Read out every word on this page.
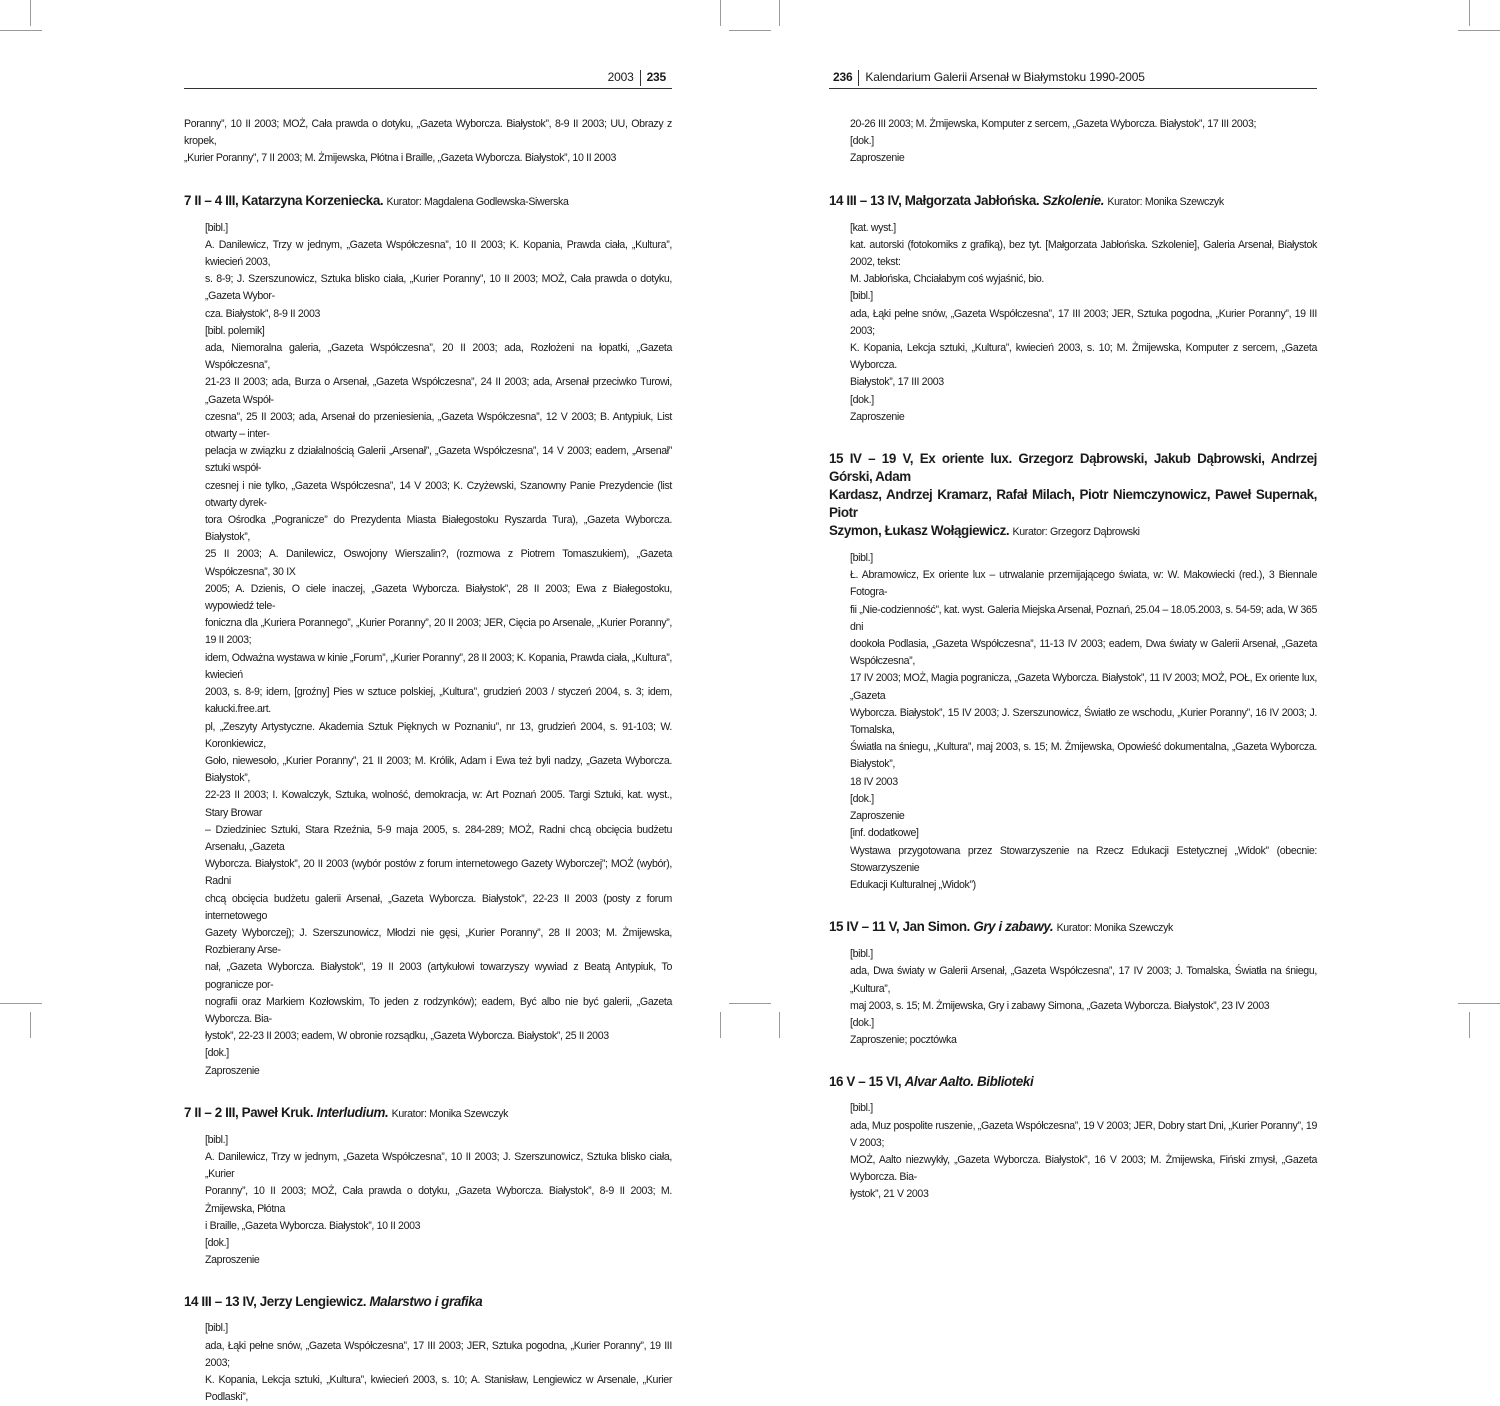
2003 235

Poranny”, 10 II 2003; MOŻ, Cała prawda o dotyku, „Gazeta Wyborcza. Białystok”, 8-9 II 2003; UU, Obrazy z kropek,

„Kurier Poranny”, 7 II 2003; M. Żmijewska, Płótna i Braille, „Gazeta Wyborcza. Białystok”, 10 II 2003

7 II – 4 III, Katarzyna Korzeniecka. Kurator: Magdalena Godlewska-Siwerska

[bibl.]

A. Danilewicz, Trzy w jednym, „Gazeta Współczesna”, 10 II 2003; K. Kopania, Prawda ciała, „Kultura”, kwiecień 2003,

s. 8-9; J. Szerszunowicz, Sztuka blisko ciała, „Kurier Poranny”, 10 II 2003; MOŻ, Cała prawda o dotyku, „Gazeta Wybor-

cza. Białystok”, 8-9 II 2003

[bibl. polemik]

ada, Niemoralna galeria, „Gazeta Współczesna”, 20 II 2003; ada, Rozłożeni na łopatki, „Gazeta Współczesna”,

21-23 II 2003; ada, Burza o Arsenał, „Gazeta Współczesna”, 24 II 2003; ada, Arsenał przeciwko Turowi, „Gazeta Współ-

czesna”, 25 II 2003; ada, Arsenał do przeniesienia, „Gazeta Współczesna”, 12 V 2003; B. Antypiuk, List otwarty – inter-

pelacja w związku z działalnością Galerii „Arsenał”, „Gazeta Współczesna”, 14 V 2003; eadem, „Arsenał” sztuki współ-

czesnej i nie tylko, „Gazeta Współczesna”, 14 V 2003; K. Czyżewski, Szanowny Panie Prezydencie (list otwarty dyrek-

tora Ośrodka „Pogranicze” do Prezydenta Miasta Białegostoku Ryszarda Tura), „Gazeta Wyborcza. Białystok”,

25 II 2003; A. Danilewicz, Oswojony Wierszalin?, (rozmowa z Piotrem Tomaszukiem), „Gazeta Współczesna”, 30 IX

2005; A. Dzienis, O ciele inaczej, „Gazeta Wyborcza. Białystok”, 28 II 2003; Ewa z Białegostoku, wypowiedź tele-

foniczna dla „Kuriera Porannego”, „Kurier Poranny”, 20 II 2003; JER, Cięcia po Arsenale, „Kurier Poranny”, 19 II 2003;

idem, Odważna wystawa w kinie „Forum”, „Kurier Poranny”, 28 II 2003; K. Kopania, Prawda ciała, „Kultura”, kwiecień

2003, s. 8-9; idem, [groźny] Pies w sztuce polskiej, „Kultura”, grudzień 2003 / styczeń 2004, s. 3; idem, kałucki.free.art.

pl, „Zeszyty Artystyczne. Akademia Sztuk Pięknych w Poznaniu”, nr 13, grudzień 2004, s. 91-103; W. Koronkiewicz,

Goło, niewesoło, „Kurier Poranny”, 21 II 2003; M. Królik, Adam i Ewa też byli nadzy, „Gazeta Wyborcza. Białystok”,

22-23 II 2003; I. Kowalczyk, Sztuka, wolność, demokracja, w: Art Poznań 2005. Targi Sztuki, kat. wyst., Stary Browar

– Dziedziniec Sztuki, Stara Rzeźnia, 5-9 maja 2005, s. 284-289; MOŻ, Radni chcą obcięcia budżetu Arsenału, „Gazeta

Wyborcza. Białystok”, 20 II 2003 (wybór postów z forum internetowego Gazety Wyborczej”; MOŻ (wybór), Radni

chcą obcięcia budżetu galerii Arsenał, „Gazeta Wyborcza. Białystok”, 22-23 II 2003 (posty z forum internetowego

Gazety Wyborczej); J. Szerszunowicz, Młodzi nie gęsi, „Kurier Poranny”, 28 II 2003; M. Żmijewska, Rozbierany Arse-

nał, „Gazeta Wyborcza. Białystok”, 19 II 2003 (artykułowi towarzyszy wywiad z Beatą Antypiuk, To pogranicze por-

nografii oraz Markiem Kozłowskim, To jeden z rodzynków); eadem, Być albo nie być galerii, „Gazeta Wyborcza. Bia-

łystok”, 22-23 II 2003; eadem, W obronie rozsądku, „Gazeta Wyborcza. Białystok”, 25 II 2003

[dok.]

Zaproszenie

7 II – 2 III, Paweł Kruk. Interludium. Kurator: Monika Szewczyk

[bibl.]

A. Danilewicz, Trzy w jednym, „Gazeta Współczesna”, 10 II 2003; J. Szerszunowicz, Sztuka blisko ciała, „Kurier

Poranny”, 10 II 2003; MOŻ, Cała prawda o dotyku, „Gazeta Wyborcza. Białystok”, 8-9 II 2003; M. Żmijewska, Płótna

i Braille, „Gazeta Wyborcza. Białystok”, 10 II 2003

[dok.]

Zaproszenie

14 III – 13 IV, Jerzy Lengiewicz. Malarstwo i grafika

[bibl.]

ada, Łąki pełne snów, „Gazeta Współczesna”, 17 III 2003; JER, Sztuka pogodna, „Kurier Poranny”, 19 III 2003;

K. Kopania, Lekcja sztuki, „Kultura”, kwiecień 2003, s. 10; A. Stanisław, Lengiewicz w Arsenale, „Kurier Podlaski”,

236 Kalendarium Galerii Arsenał w Białymstoku 1990-2005

20-26 III 2003; M. Żmijewska, Komputer z sercem, „Gazeta Wyborcza. Białystok”, 17 III 2003;

[dok.]

Zaproszenie

14 III – 13 IV, Małgorzata Jabłońska. Szkolenie. Kurator: Monika Szewczyk

[kat. wyst.]

kat. autorski (fotokomiks z grafiką), bez tyt. [Małgorzata Jabłońska. Szkolenie], Galeria Arsenał, Białystok 2002, tekst:

M. Jabłońska, Chciałabym coś wyjaśnić, bio.

[bibl.]

ada, Łąki pełne snów, „Gazeta Współczesna”, 17 III 2003; JER, Sztuka pogodna, „Kurier Poranny”, 19 III 2003;

K. Kopania, Lekcja sztuki, „Kultura”, kwiecień 2003, s. 10; M. Żmijewska, Komputer z sercem, „Gazeta Wyborcza.

Białystok”, 17 III 2003

[dok.]

Zaproszenie

15 IV – 19 V, Ex oriente lux. Grzegorz Dąbrowski, Jakub Dąbrowski, Andrzej Górski, Adam

Kardasz, Andrzej Kramarz, Rafał Milach, Piotr Niemczynowicz, Paweł Supernak, Piotr

Szymon, Łukasz Wołągiewicz. Kurator: Grzegorz Dąbrowski

[bibl.]

Ł. Abramowicz, Ex oriente lux – utrwalanie przemijającego świata, w: W. Makowiecki (red.), 3 Biennale Fotogra-

fii „Nie-codzienność”, kat. wyst. Galeria Miejska Arsenał, Poznań, 25.04 – 18.05.2003, s. 54-59; ada, W 365 dni

dookoła Podlasia, „Gazeta Współczesna”, 11-13 IV 2003; eadem, Dwa światy w Galerii Arsenał, „Gazeta Współczesna”,

17 IV 2003; MOŻ, Magia pogranicza, „Gazeta Wyborcza. Białystok”, 11 IV 2003; MOŻ, POŁ, Ex oriente lux, „Gazeta

Wyborcza. Białystok”, 15 IV 2003; J. Szerszunowicz, Światło ze wschodu, „Kurier Poranny”, 16 IV 2003; J. Tomalska,

Światła na śniegu, „Kultura”, maj 2003, s. 15; M. Żmijewska, Opowieść dokumentalna, „Gazeta Wyborcza. Białystok”,

18 IV 2003

[dok.]

Zaproszenie

[inf. dodatkowe]

Wystawa przygotowana przez Stowarzyszenie na Rzecz Edukacji Estetycznej „Widok” (obecnie: Stowarzyszenie

Edukacji Kulturalnej „Widok”)

15 IV – 11 V, Jan Simon. Gry i zabawy. Kurator: Monika Szewczyk

[bibl.]

ada, Dwa światy w Galerii Arsenał, „Gazeta Współczesna”, 17 IV 2003; J. Tomalska, Światła na śniegu, „Kultura”,

maj 2003, s. 15; M. Żmijewska, Gry i zabawy Simona, „Gazeta Wyborcza. Białystok”, 23 IV 2003

[dok.]

Zaproszenie; pocztówka

16 V – 15 VI, Alvar Aalto. Biblioteki

[bibl.]

ada, Muz pospolite ruszenie, „Gazeta Współczesna”, 19 V 2003; JER, Dobry start Dni, „Kurier Poranny”, 19 V 2003;

MOŻ, Aalto niezwykły, „Gazeta Wyborcza. Białystok”, 16 V 2003; M. Żmijewska, Fiński zmysł, „Gazeta Wyborcza. Bia-

łystok”, 21 V 2003
